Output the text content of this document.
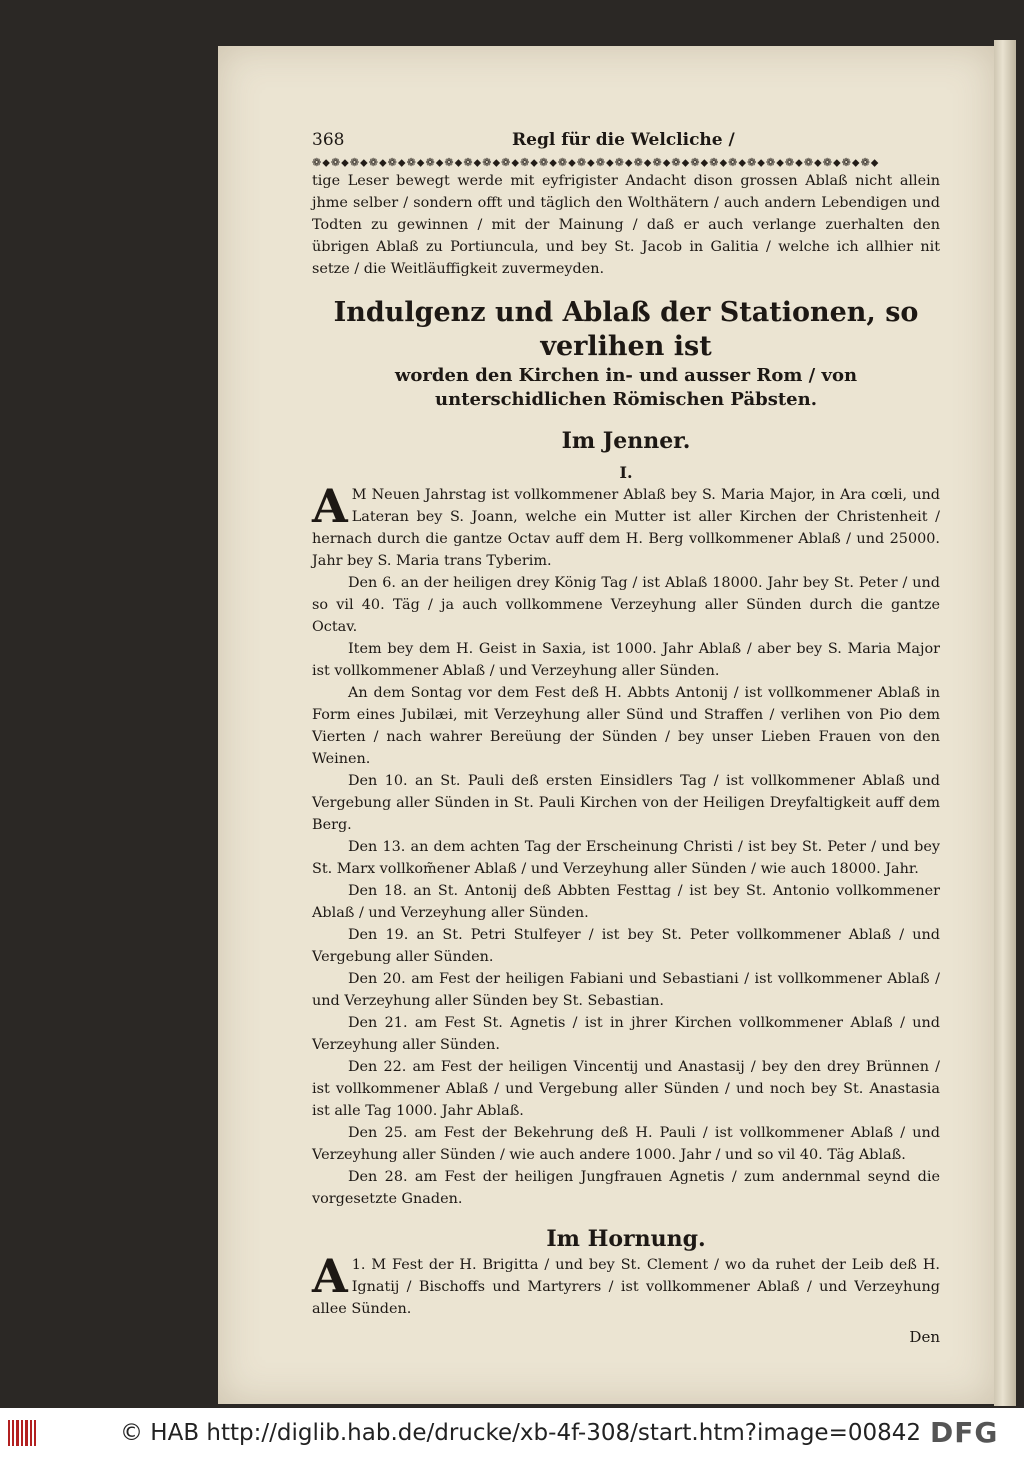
368	Regl für die Welcliche /
❁⬥❁⬥❁⬥❁⬥❁⬥❁⬥❁⬥❁⬥❁⬥❁⬥❁⬥❁⬥❁⬥❁⬥❁⬥❁⬥❁⬥❁⬥❁⬥❁⬥❁⬥❁⬥❁⬥❁⬥❁⬥❁⬥❁⬥❁⬥❁⬥❁⬥

tige Leser bewegt werde mit eyfrigister Andacht dison grossen Ablaß nicht allein jhme selber / sondern offt und täglich den Wolthätern / auch andern Lebendigen und Todten zu gewinnen / mit der Mainung / daß er auch verlange zuerhalten den übrigen Ablaß zu Portiuncula, und bey St. Jacob in Galitia / welche ich allhier nit setze / die Weitläuffigkeit zuvermeyden.

Indulgenz und Ablaß der Stationen, so verlihen ist
worden den Kirchen in- und ausser Rom / von unterschidlichen Römischen Päbsten.
Im Jenner.
I.

A M Neuen Jahrstag ist vollkommener Ablaß bey S. Maria Major, in Ara cœli, und Lateran bey S. Joann, welche ein Mutter ist aller Kirchen der Christenheit / hernach durch die gantze Octav auff dem H. Berg vollkommener Ablaß / und 25000. Jahr bey S. Maria trans Tyberim.

Den 6. an der heiligen drey König Tag / ist Ablaß 18000. Jahr bey St. Peter / und so vil 40. Täg / ja auch vollkommene Verzeyhung aller Sünden durch die gantze Octav.

Item bey dem H. Geist in Saxia, ist 1000. Jahr Ablaß / aber bey S. Maria Major ist vollkommener Ablaß / und Verzeyhung aller Sünden.

An dem Sontag vor dem Fest deß H. Abbts Antonij / ist vollkommener Ablaß in Form eines Jubilæi, mit Verzeyhung aller Sünd und Straffen / verlihen von Pio dem Vierten / nach wahrer Bereüung der Sünden / bey unser Lieben Frauen von den Weinen.

Den 10. an St. Pauli deß ersten Einsidlers Tag / ist vollkommener Ablaß und Vergebung aller Sünden in St. Pauli Kirchen von der Heiligen Dreyfaltigkeit auff dem Berg.

Den 13. an dem achten Tag der Erscheinung Christi / ist bey St. Peter / und bey St. Marx vollkom̃ener Ablaß / und Verzeyhung aller Sünden / wie auch 18000. Jahr.

Den 18. an St. Antonij deß Abbten Festtag / ist bey St. Antonio vollkommener Ablaß / und Verzeyhung aller Sünden.

Den 19. an St. Petri Stulfeyer / ist bey St. Peter vollkommener Ablaß / und Vergebung aller Sünden.

Den 20. am Fest der heiligen Fabiani und Sebastiani / ist vollkommener Ablaß / und Verzeyhung aller Sünden bey St. Sebastian.

Den 21. am Fest St. Agnetis / ist in jhrer Kirchen vollkommener Ablaß / und Verzeyhung aller Sünden.

Den 22. am Fest der heiligen Vincentij und Anastasij / bey den drey Brünnen / ist vollkommener Ablaß / und Vergebung aller Sünden / und noch bey St. Anastasia ist alle Tag 1000. Jahr Ablaß.

Den 25. am Fest der Bekehrung deß H. Pauli / ist vollkommener Ablaß / und Verzeyhung aller Sünden / wie auch andere 1000. Jahr / und so vil 40. Täg Ablaß.

Den 28. am Fest der heiligen Jungfrauen Agnetis / zum andernmal seynd die vorgesetzte Gnaden.

Im Hornung.

1.
A M Fest der H. Brigitta / und bey St. Clement / wo da ruhet der Leib deß H. Ignatij / Bischoffs und Martyrers / ist vollkommener Ablaß / und Verzeyhung allee Sünden.

Den
© HAB http://diglib.hab.de/drucke/xb-4f-308/start.htm?image=00842 DFG
